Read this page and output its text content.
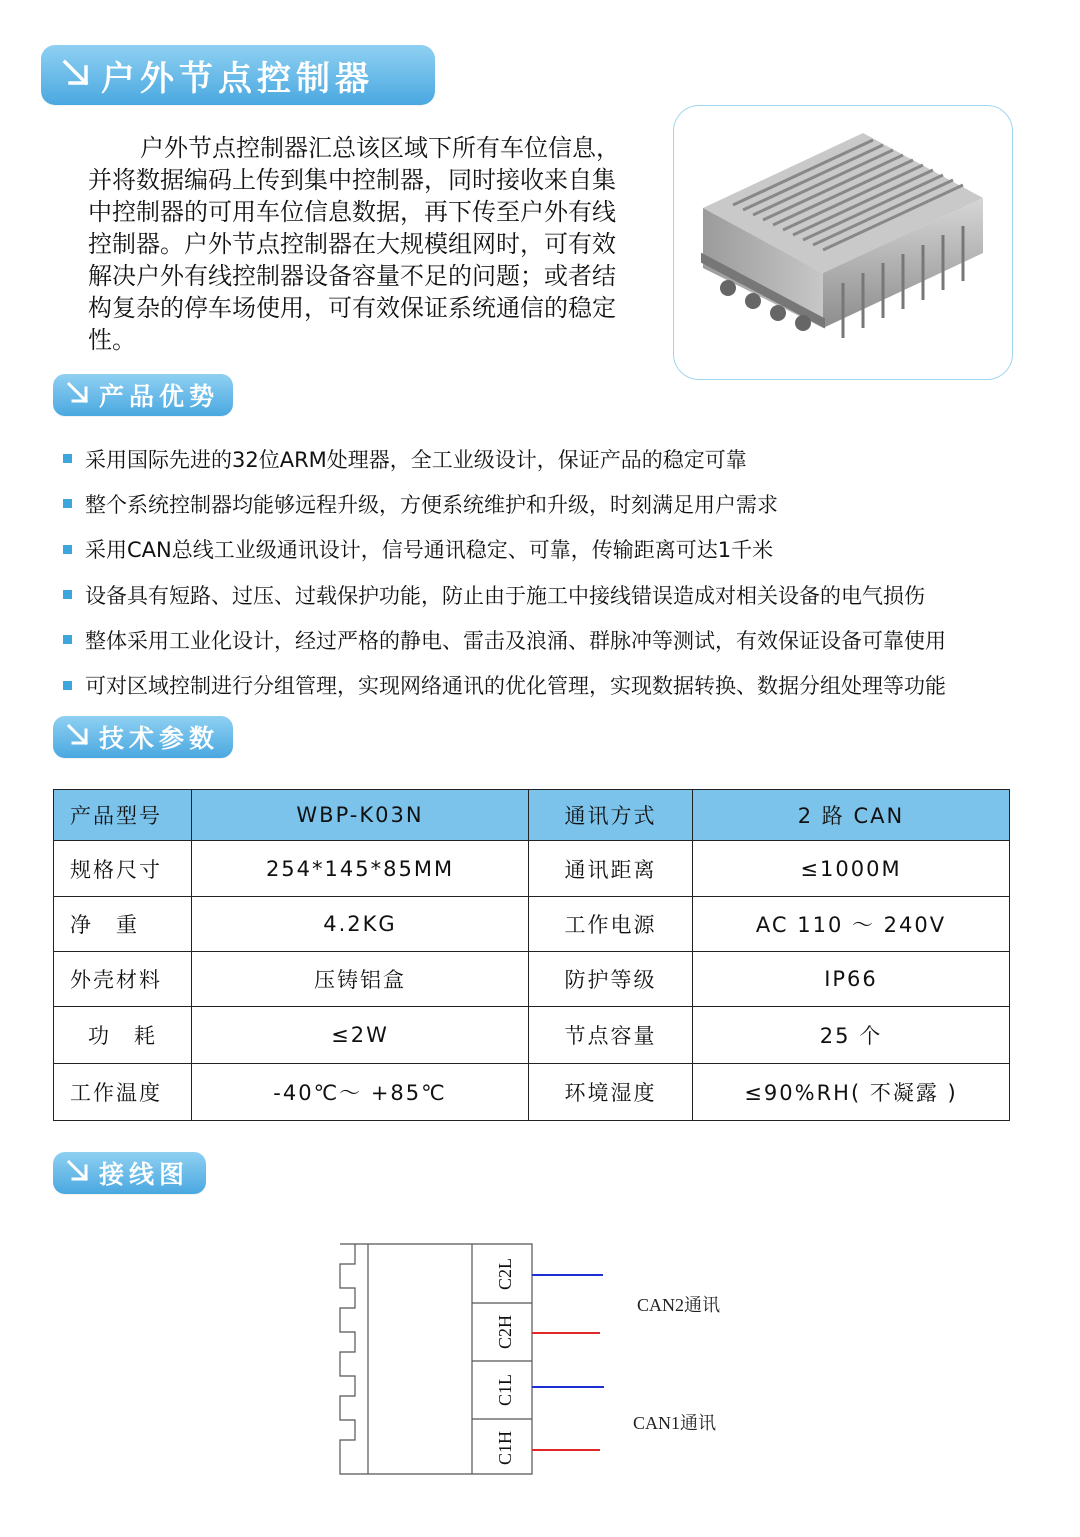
户外节点控制器

户外节点控制器汇总该区域下所有车位信息，并将数据编码上传到集中控制器，同时接收来自集中控制器的可用车位信息数据，再下传至户外有线控制器。户外节点控制器在大规模组网时，可有效解决户外有线控制器设备容量不足的问题；或者结构复杂的停车场使用，可有效保证系统通信的稳定性。

产品优势
采用国际先进的32位ARM处理器，全工业级设计，保证产品的稳定可靠
整个系统控制器均能够远程升级，方便系统维护和升级，时刻满足用户需求
采用CAN总线工业级通讯设计，信号通讯稳定、可靠，传输距离可达1千米
设备具有短路、过压、过载保护功能，防止由于施工中接线错误造成对相关设备的电气损伤
整体采用工业化设计，经过严格的静电、雷击及浪涌、群脉冲等测试，有效保证设备可靠使用
可对区域控制进行分组管理，实现网络通讯的优化管理，实现数据转换、数据分组处理等功能
技术参数
产品型号	WBP-K03N	通讯方式	2 路 CAN
规格尺寸	254*145*85MM	通讯距离	≤1000M
净　重	4.2KG	工作电源	AC 110 ～ 240V
外壳材料	压铸铝盒	防护等级	IP66
功　耗	≤2W	节点容量	25 个
工作温度	-40℃～ +85℃	环境湿度	≤90%RH( 不凝露 )
接线图
C2L
C2H
C1L
C1H
CAN2通讯
CAN1通讯
